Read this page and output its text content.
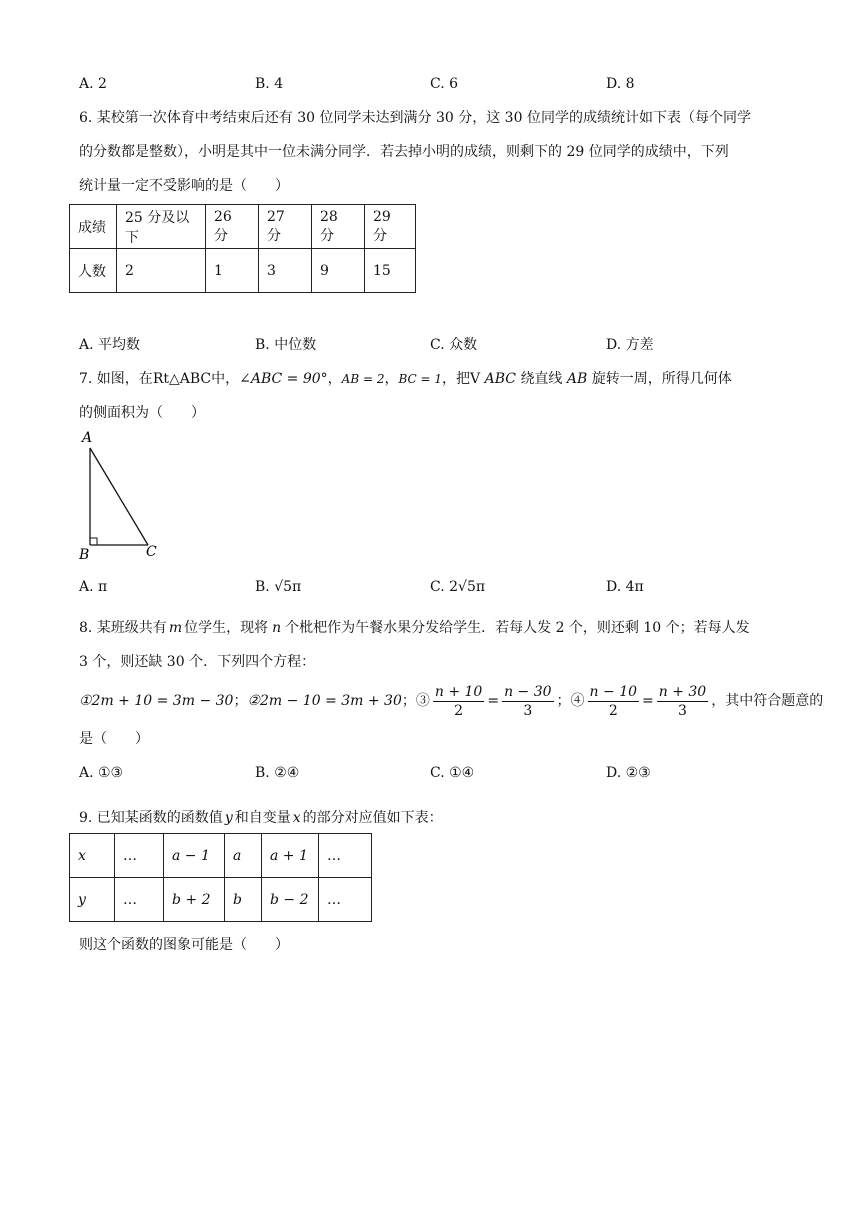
A. 2	B. 4	C. 6	D. 8
6. 某校第一次体育中考结束后还有 30 位同学未达到满分 30 分，这 30 位同学的成绩统计如下表（每个同学
的分数都是整数），小明是其中一位未满分同学．若去掉小明的成绩，则剩下的 29 位同学的成绩中，下列
统计量一定不受影响的是（　　）
成绩	25 分及以下	26 分	27 分	28 分	29 分
人数	2	1	3	9	15
A. 平均数	B. 中位数	C. 众数	D. 方差
7. 如图，在Rt△ABC中，∠ABC = 90°，AB = 2，BC = 1，把V ABC 绕直线 AB 旋转一周，所得几何体
的侧面积为（　　）
A
B	C
A. π	B. √5π	C. 2√5π	D. 4π
8. 某班级共有 m 位学生，现将 n 个枇杷作为午餐水果分发给学生．若每人发 2 个，则还剩 10 个；若每人发
3 个，则还缺 30 个．下列四个方程：
①2m + 10 = 3m − 30 ； ②2m − 10 = 3m + 30 ；③ $\frac{n + 10}{2} = \frac{n - 30}{3}$ ；④ $\frac{n - 10}{2} = \frac{n + 30}{3}$ ，其中符合题意的
是（　　）
A. ①③	B. ②④	C. ①④	D. ②③
9. 已知某函数的函数值 y 和自变量 x 的部分对应值如下表：
x	…	a − 1	a	a + 1	…
y	…	b + 2	b	b − 2	…
则这个函数的图象可能是（　　）
